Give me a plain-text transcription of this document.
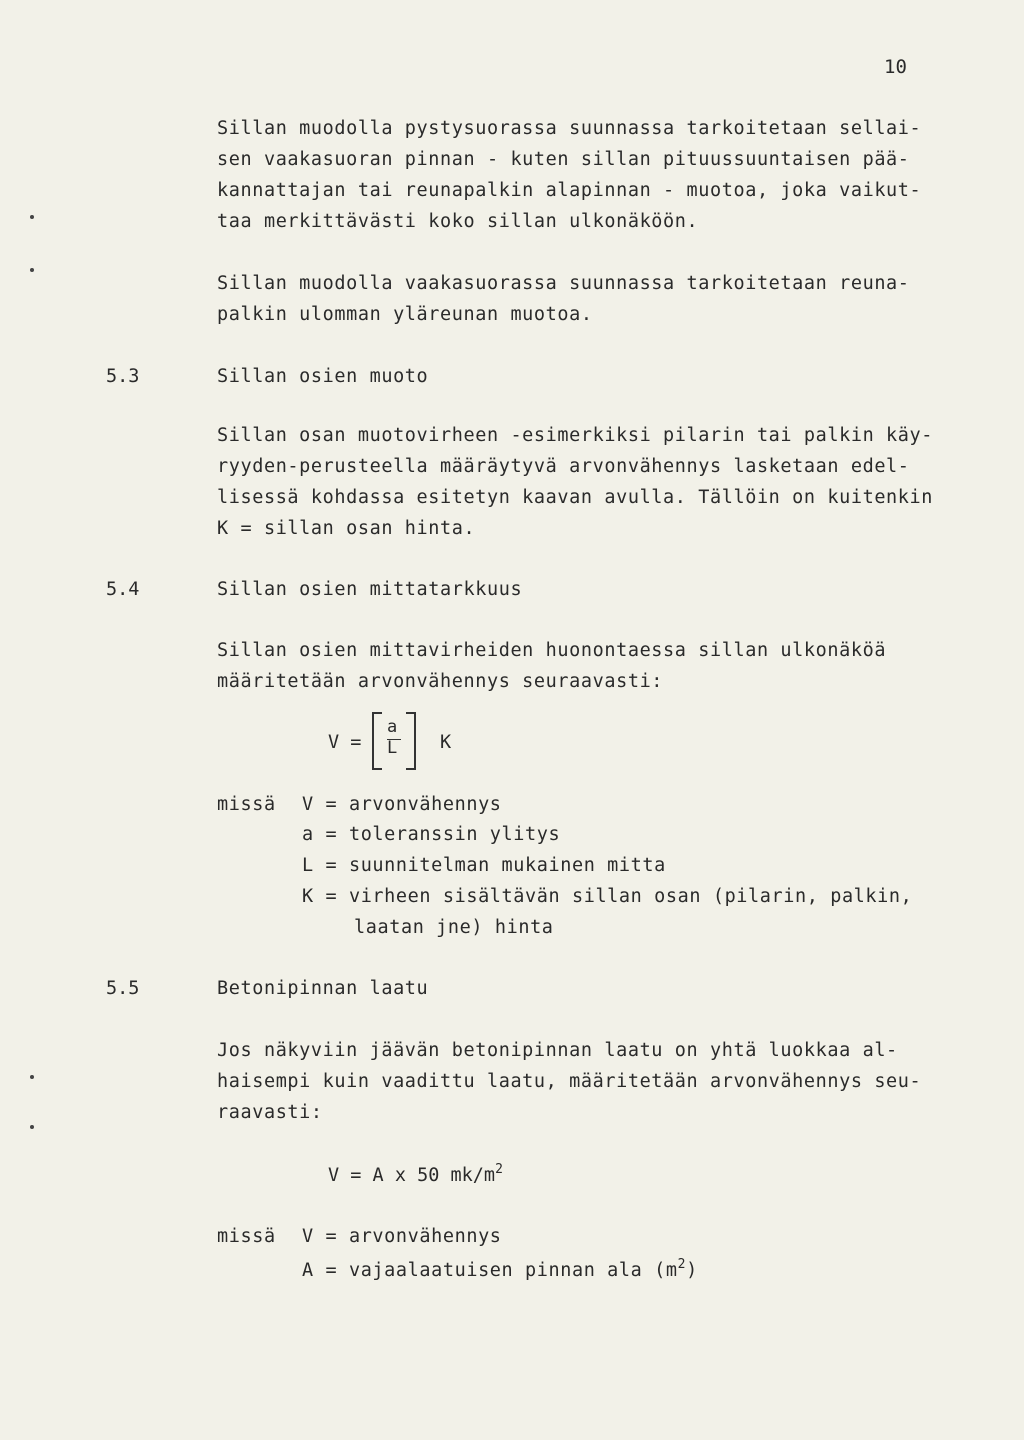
10
Sillan muodolla pystysuorassa suunnassa tarkoitetaan sellai-
sen vaakasuoran pinnan - kuten sillan pituussuuntaisen pää-
kannattajan tai reunapalkin alapinnan - muotoa, joka vaikut-
taa merkittävästi koko sillan ulkonäköön.
Sillan muodolla vaakasuorassa suunnassa tarkoitetaan reuna-
palkin ulomman yläreunan muotoa.
5.3	Sillan osien muoto
Sillan osan muotovirheen -esimerkiksi pilarin tai palkin käy-
ryyden-perusteella määräytyvä arvonvähennys lasketaan edel-
lisessä kohdassa esitetyn kaavan avulla. Tällöin on kuitenkin
K = sillan osan hinta.
5.4	Sillan osien mittatarkkuus
Sillan osien mittavirheiden huonontaessa sillan ulkonäköä
määritetään arvonvähennys seuraavasti:
V =
a
L K
missä V = arvonvähennys
a = toleranssin ylitys
L = suunnitelman mukainen mitta
K = virheen sisältävän sillan osan (pilarin, palkin,
laatan jne) hinta
5.5	Betonipinnan laatu
Jos näkyviin jäävän betonipinnan laatu on yhtä luokkaa al-
haisempi kuin vaadittu laatu, määritetään arvonvähennys seu-
raavasti:
V = A x 50 $mk/m^2$
missä V = arvonvähennys
A = vajaalaatuisen pinnan ala $(m^2)$
